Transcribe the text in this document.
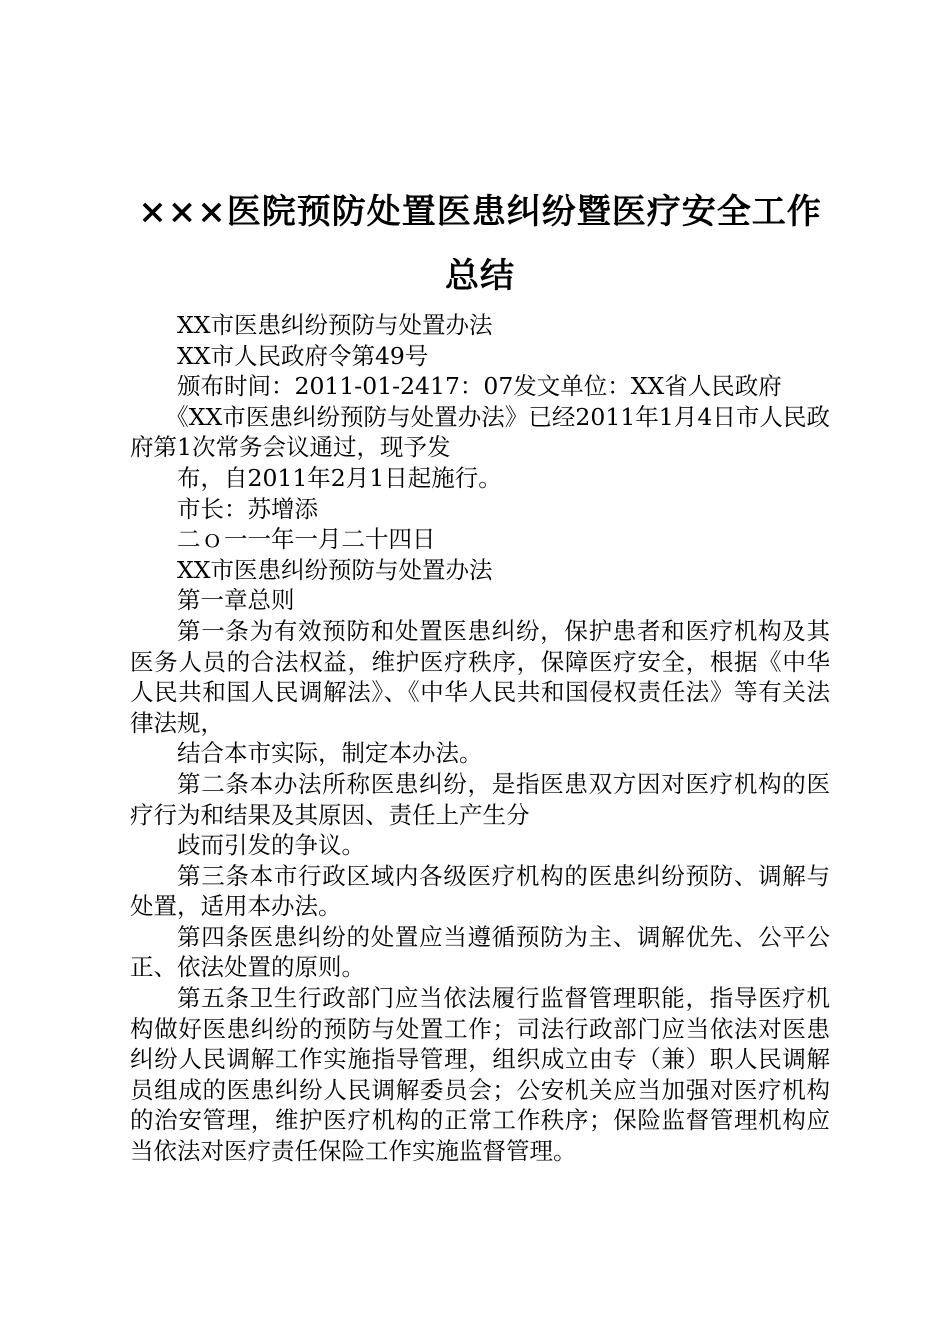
×××医院预防处置医患纠纷暨医疗安全工作
总结

XX市医患纠纷预防与处置办法

XX市人民政府令第49号

颁布时间：2011-01-2417：07发文单位：XX省人民政府

《XX市医患纠纷预防与处置办法》已经2011年1月4日市人民政府第1次常务会议通过，现予发

布，自2011年2月1日起施行。

市长：苏增添

二ｏ一一年一月二十四日

XX市医患纠纷预防与处置办法

第一章总则

第一条为有效预防和处置医患纠纷，保护患者和医疗机构及其医务人员的合法权益，维护医疗秩序，保障医疗安全，根据《中华人民共和国人民调解法》、《中华人民共和国侵权责任法》等有关法律法规，

结合本市实际，制定本办法。

第二条本办法所称医患纠纷，是指医患双方因对医疗机构的医疗行为和结果及其原因、责任上产生分

歧而引发的争议。

第三条本市行政区域内各级医疗机构的医患纠纷预防、调解与处置，适用本办法。

第四条医患纠纷的处置应当遵循预防为主、调解优先、公平公正、依法处置的原则。

第五条卫生行政部门应当依法履行监督管理职能，指导医疗机构做好医患纠纷的预防与处置工作；司法行政部门应当依法对医患纠纷人民调解工作实施指导管理，组织成立由专（兼）职人民调解员组成的医患纠纷人民调解委员会；公安机关应当加强对医疗机构的治安管理，维护医疗机构的正常工作秩序；保险监督管理机构应当依法对医疗责任保险工作实施监督管理。
